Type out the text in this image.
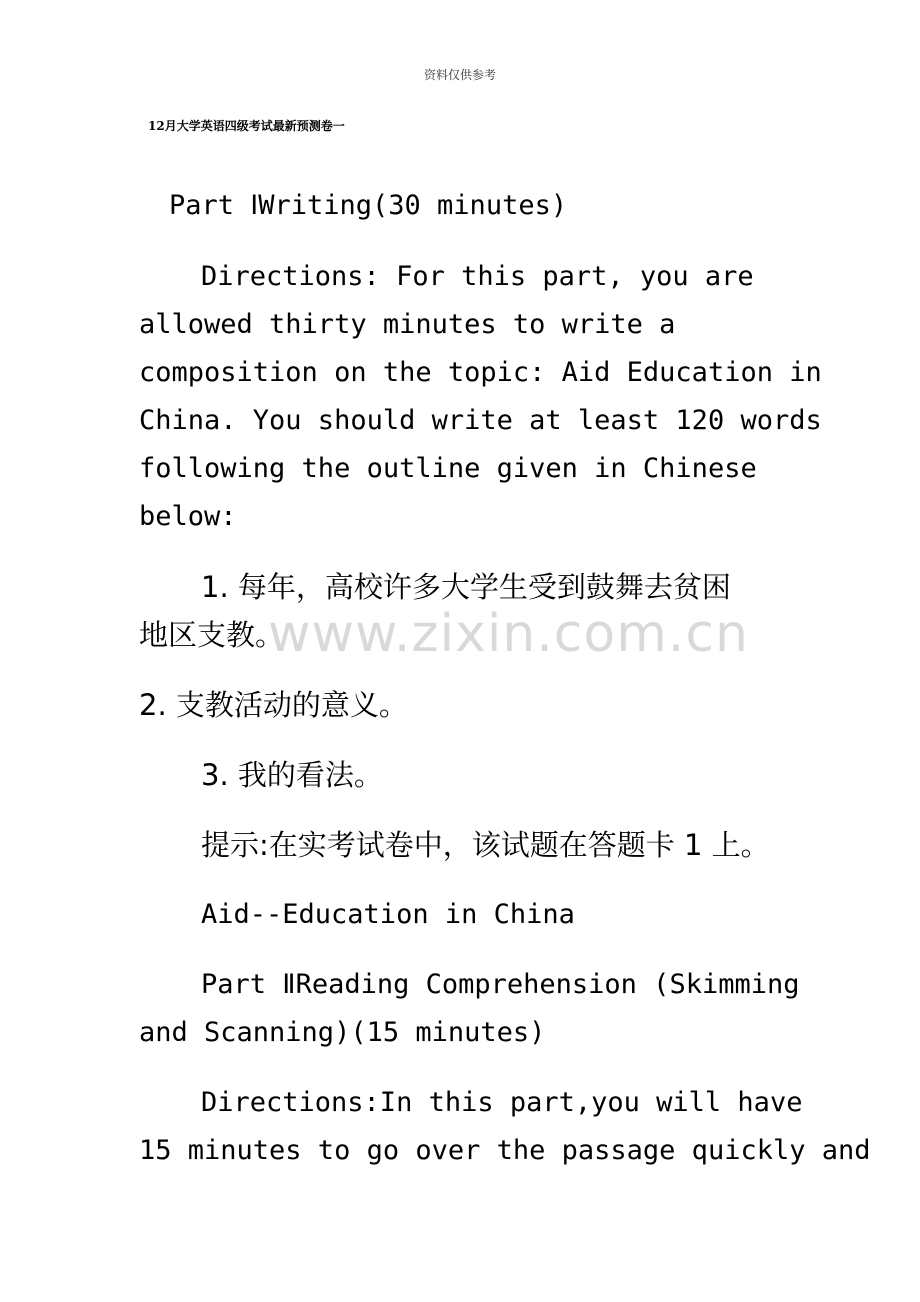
资料仅供参考
12月大学英语四级考试最新预测卷一
Part ⅠWriting(30 minutes)
Directions: For this part, you are
allowed thirty minutes to write a
composition on the topic: Aid Education in
China. You should write at least 120 words
following the outline given in Chinese
below:
1. 每年，高校许多大学生受到鼓舞去贫困
地区支教。
2. 支教活动的意义。
3. 我的看法。
提示:在实考试卷中，该试题在答题卡 1 上。
Aid--Education in China
Part ⅡReading Comprehension (Skimming
and Scanning)(15 minutes)
Directions:In this part,you will have
15 minutes to go over the passage quickly and
www.zixin.com.cn
